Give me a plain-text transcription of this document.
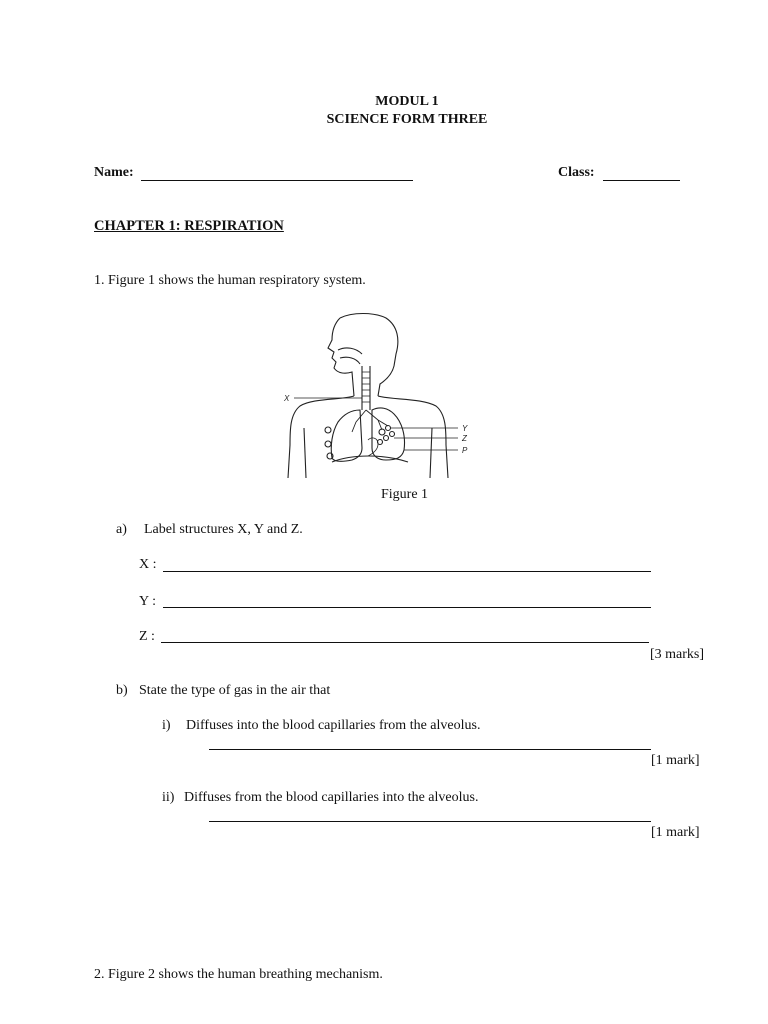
MODUL 1
SCIENCE FORM THREE
Name:	Class:
CHAPTER 1: RESPIRATION
1. Figure 1 shows the human respiratory system.
X
Y
Z
P
Figure 1
a) Label structures X, Y and Z.
X :
Y :
Z :
[3 marks]
b) State the type of gas in the air that
i) Diffuses into the blood capillaries from the alveolus.
[1 mark]
ii) Diffuses from the blood capillaries into the alveolus.
[1 mark]
2. Figure 2 shows the human breathing mechanism.
